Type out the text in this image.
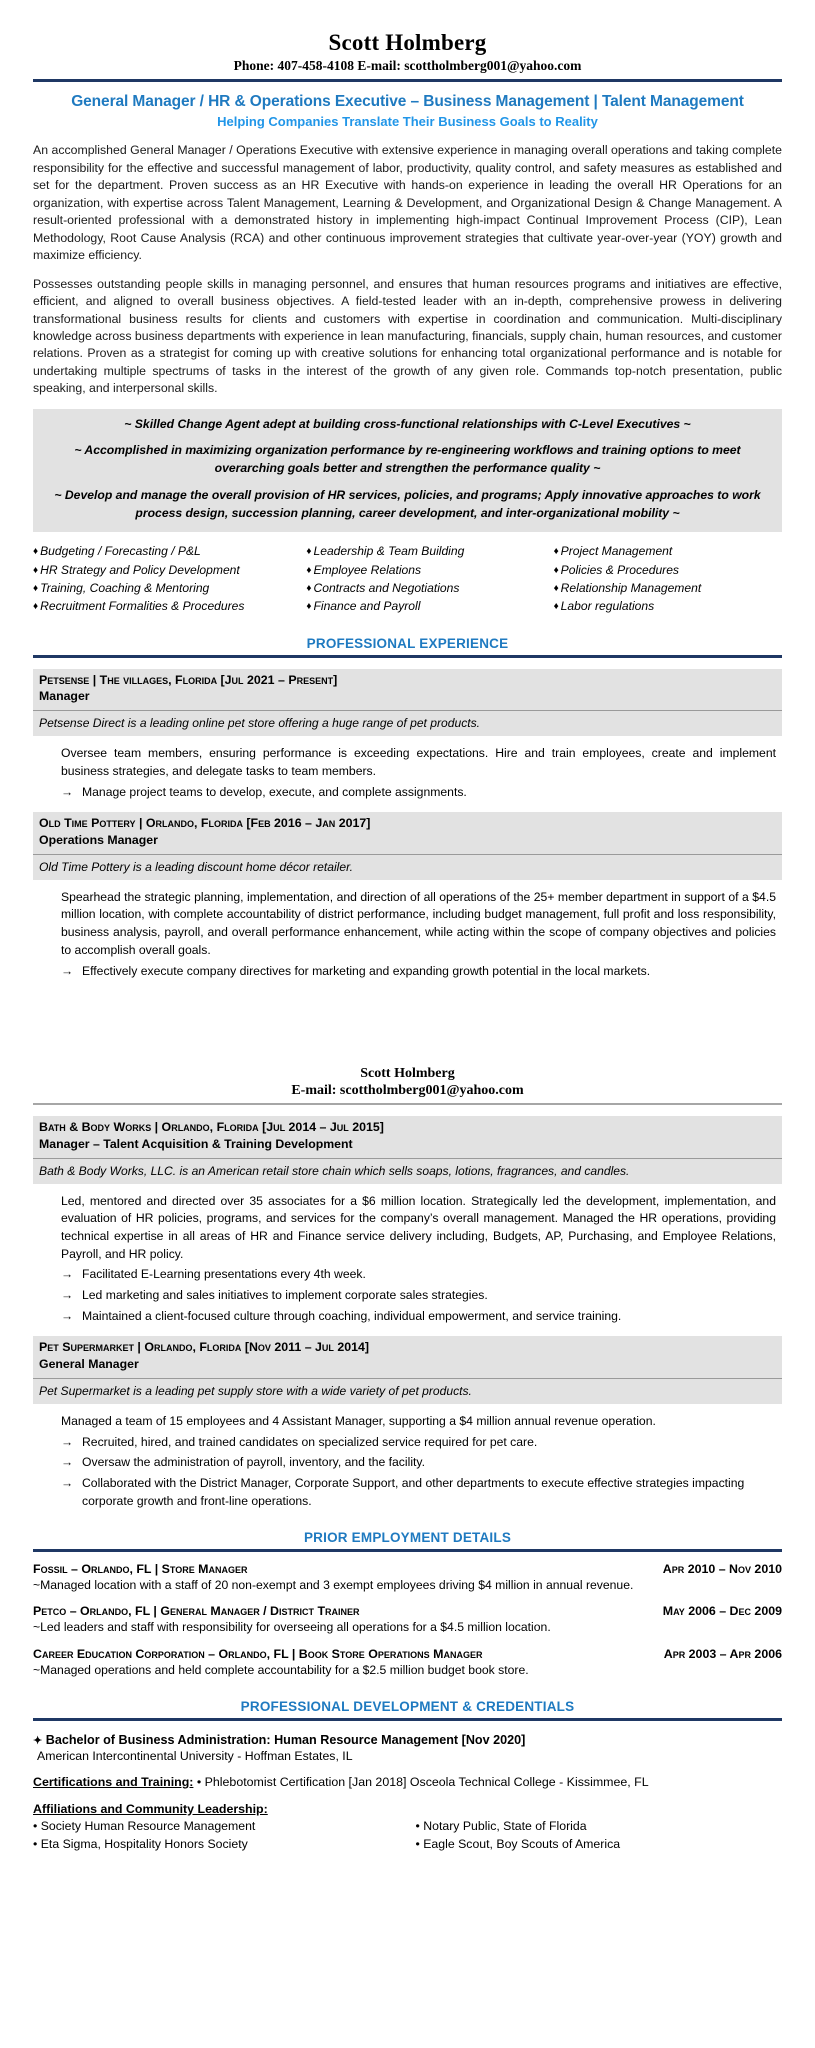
Scott Holmberg
Phone: 407-458-4108 E-mail: scottholmberg001@yahoo.com
General Manager / HR & Operations Executive – Business Management | Talent Management
Helping Companies Translate Their Business Goals to Reality

An accomplished General Manager / Operations Executive with extensive experience in managing overall operations and taking complete responsibility for the effective and successful management of labor, productivity, quality control, and safety measures as established and set for the department. Proven success as an HR Executive with hands-on experience in leading the overall HR Operations for an organization, with expertise across Talent Management, Learning & Development, and Organizational Design & Change Management. A result-oriented professional with a demonstrated history in implementing high-impact Continual Improvement Process (CIP), Lean Methodology, Root Cause Analysis (RCA) and other continuous improvement strategies that cultivate year-over-year (YOY) growth and maximize efficiency.

Possesses outstanding people skills in managing personnel, and ensures that human resources programs and initiatives are effective, efficient, and aligned to overall business objectives. A field-tested leader with an in-depth, comprehensive prowess in delivering transformational business results for clients and customers with expertise in coordination and communication. Multi-disciplinary knowledge across business departments with experience in lean manufacturing, financials, supply chain, human resources, and customer relations. Proven as a strategist for coming up with creative solutions for enhancing total organizational performance and is notable for undertaking multiple spectrums of tasks in the interest of the growth of any given role. Commands top-notch presentation, public speaking, and interpersonal skills.

~ Skilled Change Agent adept at building cross-functional relationships with C-Level Executives ~
~ Accomplished in maximizing organization performance by re-engineering workflows and training options to meet overarching goals better and strengthen the performance quality ~
~ Develop and manage the overall provision of HR services, policies, and programs; Apply innovative approaches to work process design, succession planning, career development, and inter-organizational mobility ~
♦ Budgeting / Forecasting / P&L
♦ HR Strategy and Policy Development
♦ Training, Coaching & Mentoring
♦ Recruitment Formalities & Procedures
♦ Leadership & Team Building
♦ Employee Relations
♦ Contracts and Negotiations
♦ Finance and Payroll
♦ Project Management
♦ Policies & Procedures
♦ Relationship Management
♦ Labor regulations
PROFESSIONAL EXPERIENCE
Petsense | The villages, Florida [Jul 2021 – Present]
Manager
Petsense Direct is a leading online pet store offering a huge range of pet products.

Oversee team members, ensuring performance is exceeding expectations. Hire and train employees, create and implement business strategies, and delegate tasks to team members.

→ Manage project teams to develop, execute, and complete assignments.
Old Time Pottery | Orlando, Florida [Feb 2016 – Jan 2017]
Operations Manager
Old Time Pottery is a leading discount home décor retailer.

Spearhead the strategic planning, implementation, and direction of all operations of the 25+ member department in support of a $4.5 million location, with complete accountability of district performance, including budget management, full profit and loss responsibility, business analysis, payroll, and overall performance enhancement, while acting within the scope of company objectives and policies to accomplish overall goals.

→ Effectively execute company directives for marketing and expanding growth potential in the local markets.
Scott Holmberg
E-mail: scottholmberg001@yahoo.com
Bath & Body Works | Orlando, Florida [Jul 2014 – Jul 2015]
Manager – Talent Acquisition & Training Development
Bath & Body Works, LLC. is an American retail store chain which sells soaps, lotions, fragrances, and candles.

Led, mentored and directed over 35 associates for a $6 million location. Strategically led the development, implementation, and evaluation of HR policies, programs, and services for the company’s overall management. Managed the HR operations, providing technical expertise in all areas of HR and Finance service delivery including, Budgets, AP, Purchasing, and Employee Relations, Payroll, and HR policy.

→ Facilitated E-Learning presentations every 4th week.
→ Led marketing and sales initiatives to implement corporate sales strategies.
→ Maintained a client-focused culture through coaching, individual empowerment, and service training.
Pet Supermarket | Orlando, Florida [Nov 2011 – Jul 2014]
General Manager
Pet Supermarket is a leading pet supply store with a wide variety of pet products.

Managed a team of 15 employees and 4 Assistant Manager, supporting a $4 million annual revenue operation.

→ Recruited, hired, and trained candidates on specialized service required for pet care.
→ Oversaw the administration of payroll, inventory, and the facility.
→ Collaborated with the District Manager, Corporate Support, and other departments to execute effective strategies impacting corporate growth and front-line operations.
PRIOR EMPLOYMENT DETAILS
Fossil – Orlando, FL | Store Manager	Apr 2010 – Nov 2010
~Managed location with a staff of 20 non-exempt and 3 exempt employees driving $4 million in annual revenue.
Petco – Orlando, FL | General Manager / District Trainer	May 2006 – Dec 2009
~Led leaders and staff with responsibility for overseeing all operations for a $4.5 million location.
Career Education Corporation – Orlando, FL | Book Store Operations Manager	Apr 2003 – Apr 2006
~Managed operations and held complete accountability for a $2.5 million budget book store.
PROFESSIONAL DEVELOPMENT & CREDENTIALS
✦ Bachelor of Business Administration: Human Resource Management [Nov 2020]
American Intercontinental University - Hoffman Estates, IL
Certifications and Training: • Phlebotomist Certification [Jan 2018] Osceola Technical College - Kissimmee, FL
Affiliations and Community Leadership:
• Society Human Resource Management
• Eta Sigma, Hospitality Honors Society
• Notary Public, State of Florida
• Eagle Scout, Boy Scouts of America
